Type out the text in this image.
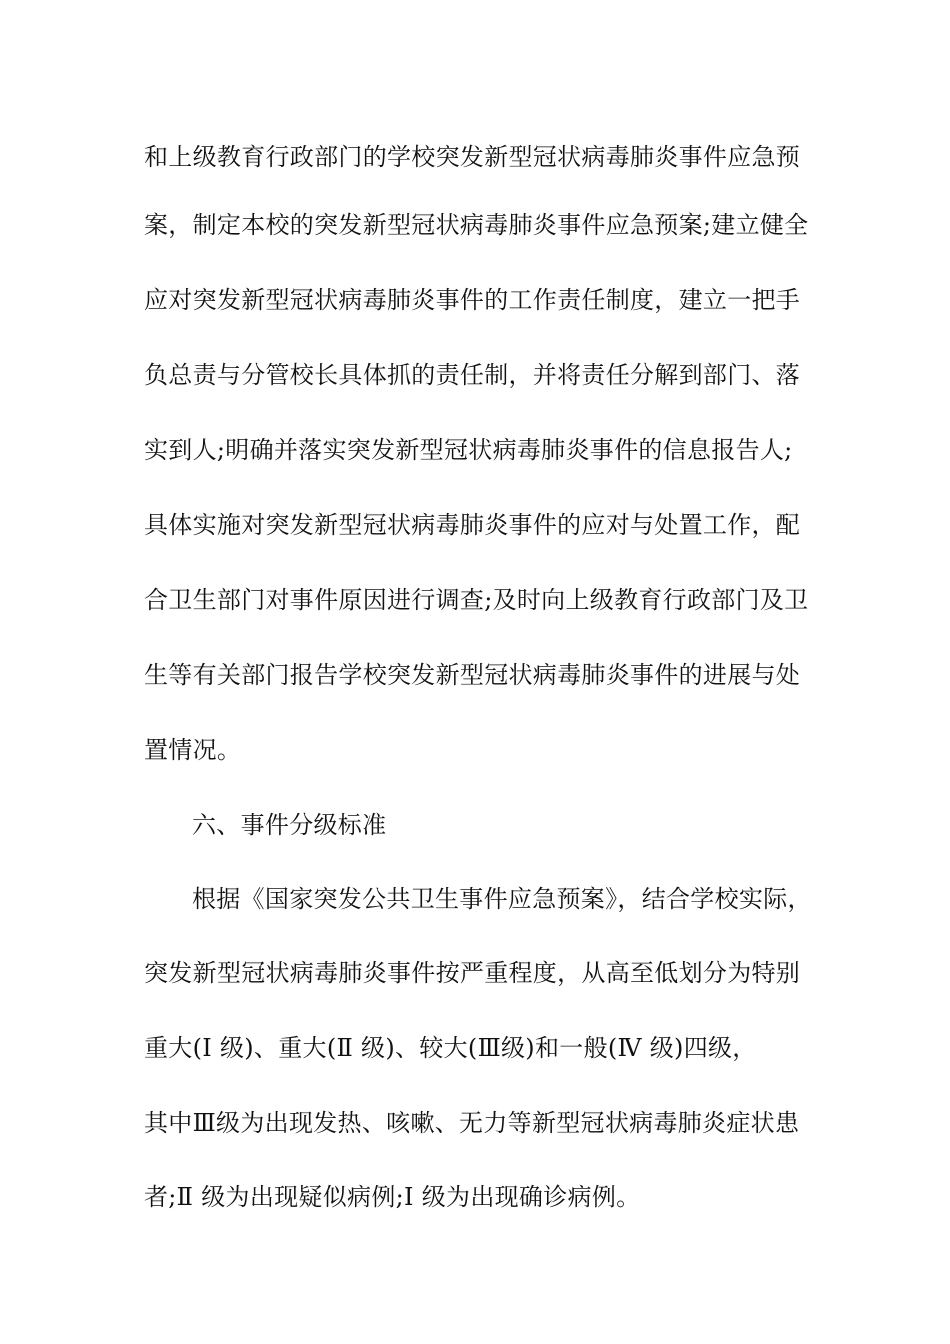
和上级教育行政部门的学校突发新型冠状病毒肺炎事件应急预
案，制定本校的突发新型冠状病毒肺炎事件应急预案;建立健全
应对突发新型冠状病毒肺炎事件的工作责任制度，建立一把手
负总责与分管校长具体抓的责任制，并将责任分解到部门、落
实到人;明确并落实突发新型冠状病毒肺炎事件的信息报告人;
具体实施对突发新型冠状病毒肺炎事件的应对与处置工作，配
合卫生部门对事件原因进行调查;及时向上级教育行政部门及卫
生等有关部门报告学校突发新型冠状病毒肺炎事件的进展与处
置情况。
六、事件分级标准
根据《国家突发公共卫生事件应急预案》，结合学校实际，
突发新型冠状病毒肺炎事件按严重程度，从高至低划分为特别
重大(Ⅰ 级)、重大(Ⅱ 级)、较大(Ⅲ级)和一般(Ⅳ 级)四级，
其中Ⅲ级为出现发热、咳嗽、无力等新型冠状病毒肺炎症状患
者;Ⅱ 级为出现疑似病例;Ⅰ 级为出现确诊病例。
